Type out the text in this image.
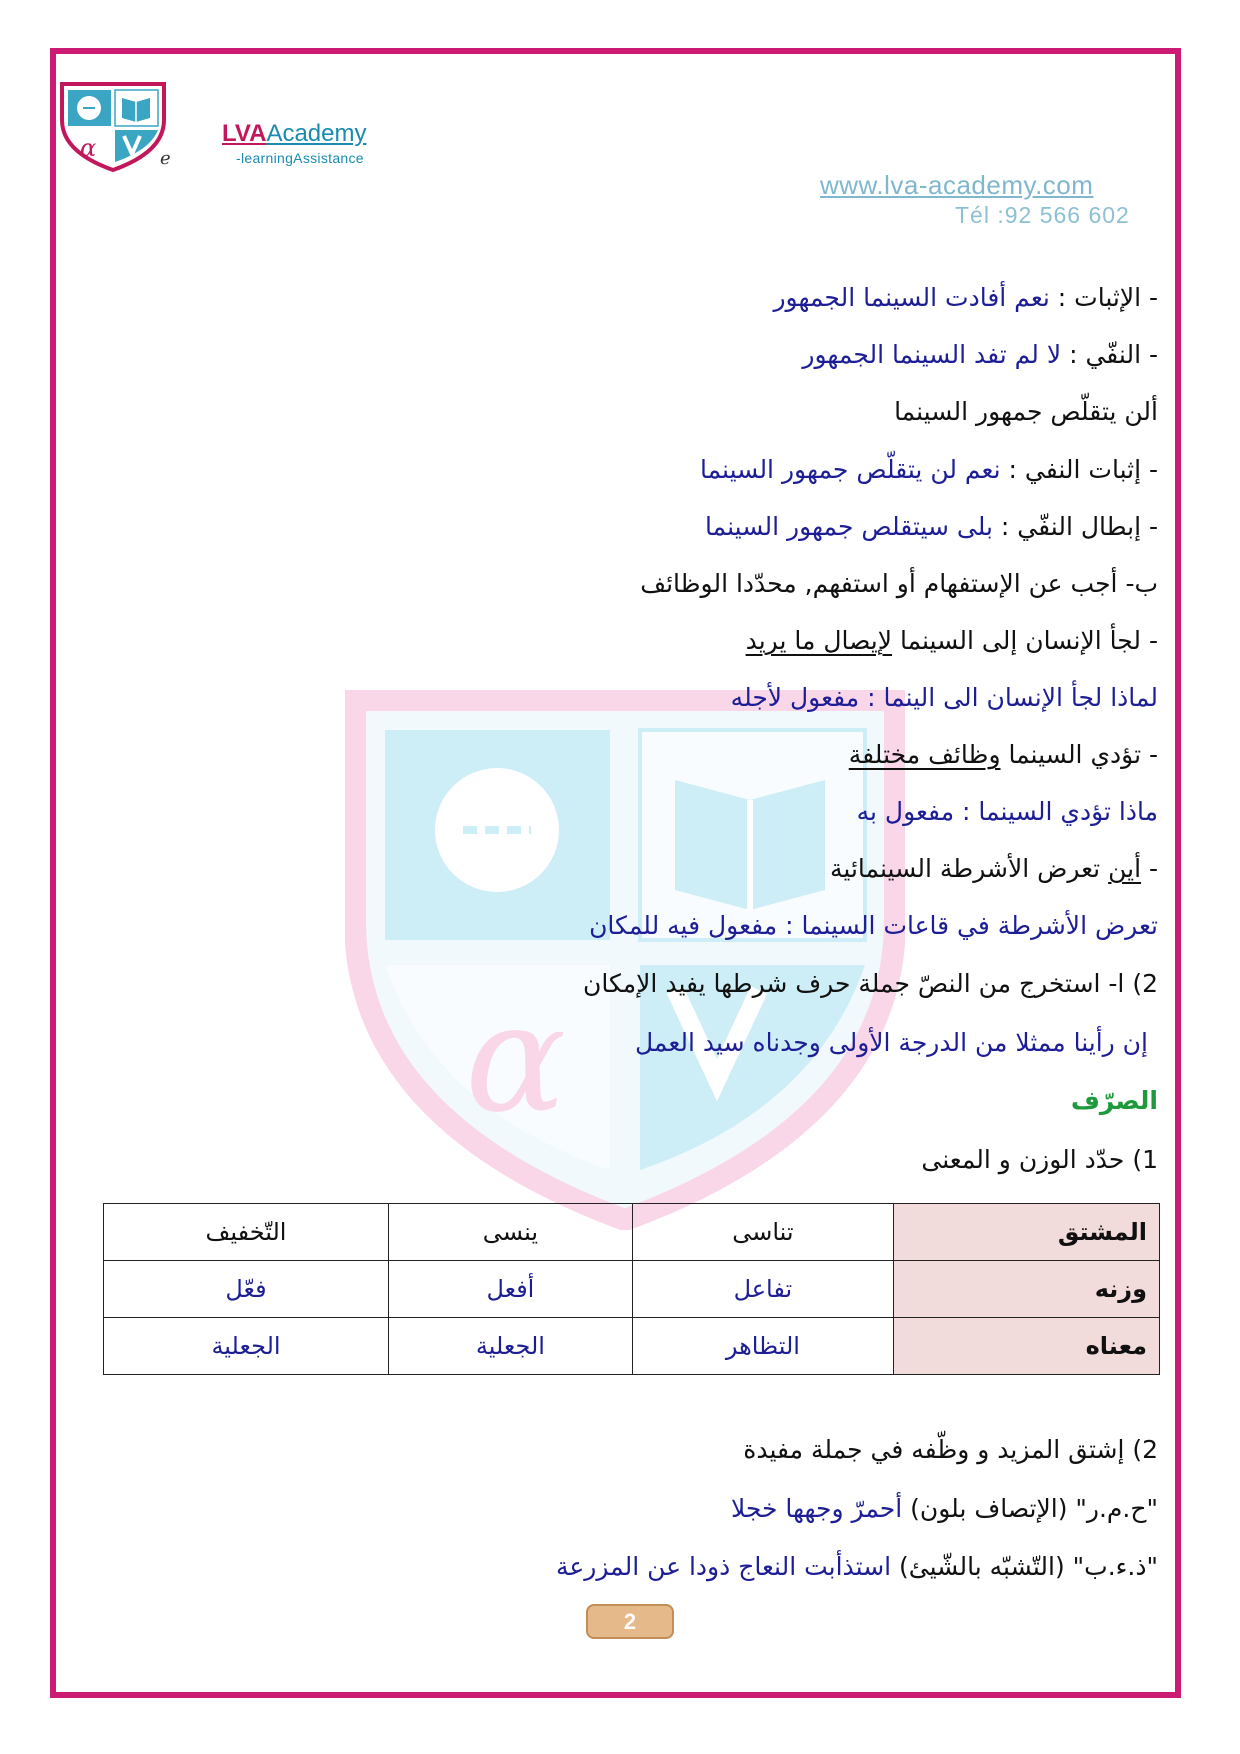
α	e
LVAAcademy
-learningAssistance
www.lva-academy.com
Tél :92 566 602
α
- الإثبات : نعم أفادت السينما الجمهور
- النفّي : لا لم تفد السينما الجمهور
ألن يتقلّص جمهور السينما
- إثبات النفي : نعم لن يتقلّص جمهور السينما
- إبطال النفّي : بلى سيتقلص جمهور السينما
ب- أجب عن الإستفهام أو استفهم, محدّدا الوظائف
- لجأ الإنسان إلى السينما لإيصال ما يريد
لماذا لجأ الإنسان الى الينما : مفعول لأجله
- تؤدي السينما وظائف مختلفة
ماذا تؤدي السينما : مفعول به
- أين تعرض الأشرطة السينمائية
تعرض الأشرطة في قاعات السينما : مفعول فيه للمكان
2) ا- استخرج من النصّ جملة حرف شرطها يفيد الإمكان
إن رأينا ممثلا من الدرجة الأولى وجدناه سيد العمل
الصرّف
1) حدّد الوزن و المعنى
المشتق	تناسى	ينسى	التّخفيف
وزنه	تفاعل	أفعل	فعّل
معناه	التظاهر	الجعلية	الجعلية
2) إشتق المزيد و وظّفه في جملة مفيدة
"ح.م.ر" (الإتصاف بلون) أحمرّ وجهها خجلا
"ذ.ء.ب" (التّشبّه بالشّيئ) استذأبت النعاج ذودا عن المزرعة
2
